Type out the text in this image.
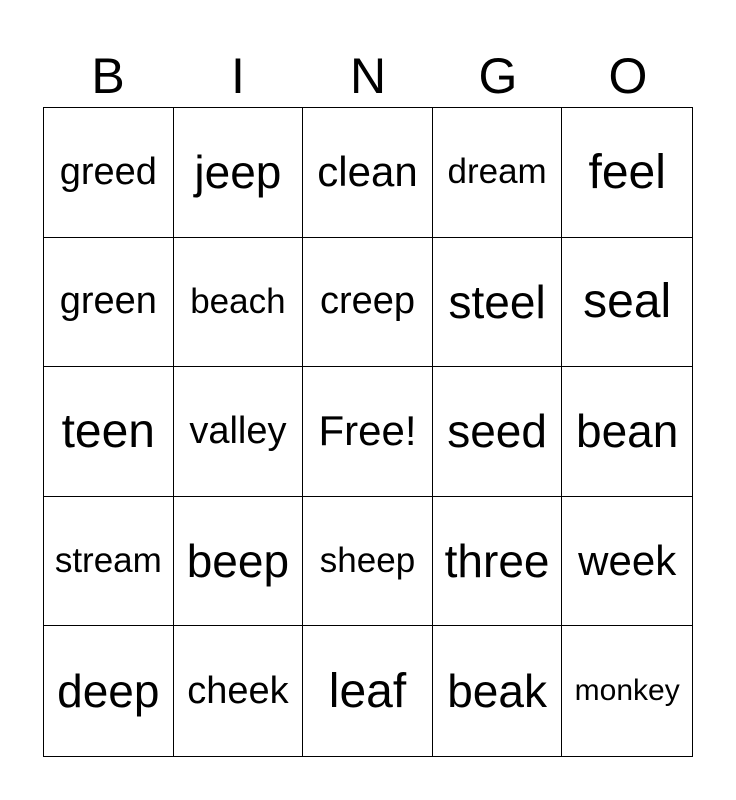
B	I	N	G	O
greed jeep clean dream feel
green beach creep steel seal
teen valley Free! seed bean
stream beep sheep three week
deep cheek leaf beak monkey
